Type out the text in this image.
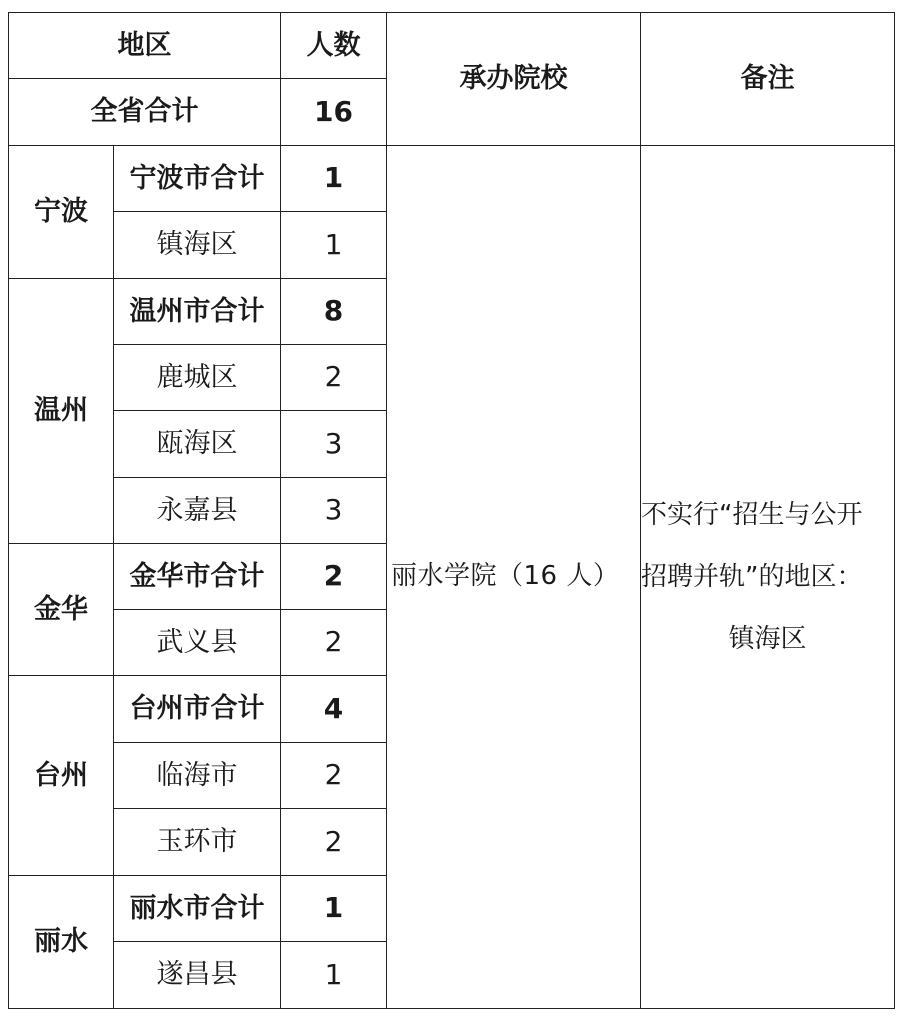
地区		人数	承办院校	备注
全省合计		16		
宁波	宁波市合计	1	丽水学院（16 人）	不实行“招生与公开
招聘并轨”的地区：
镇海区

	镇海区	1		
温州	温州市合计	8		
	鹿城区	2		
	瓯海区	3		
	永嘉县	3		
金华	金华市合计	2		
	武义县	2		
台州	台州市合计	4		
	临海市	2		
	玉环市	2		
丽水	丽水市合计	1		
	遂昌县	1		
